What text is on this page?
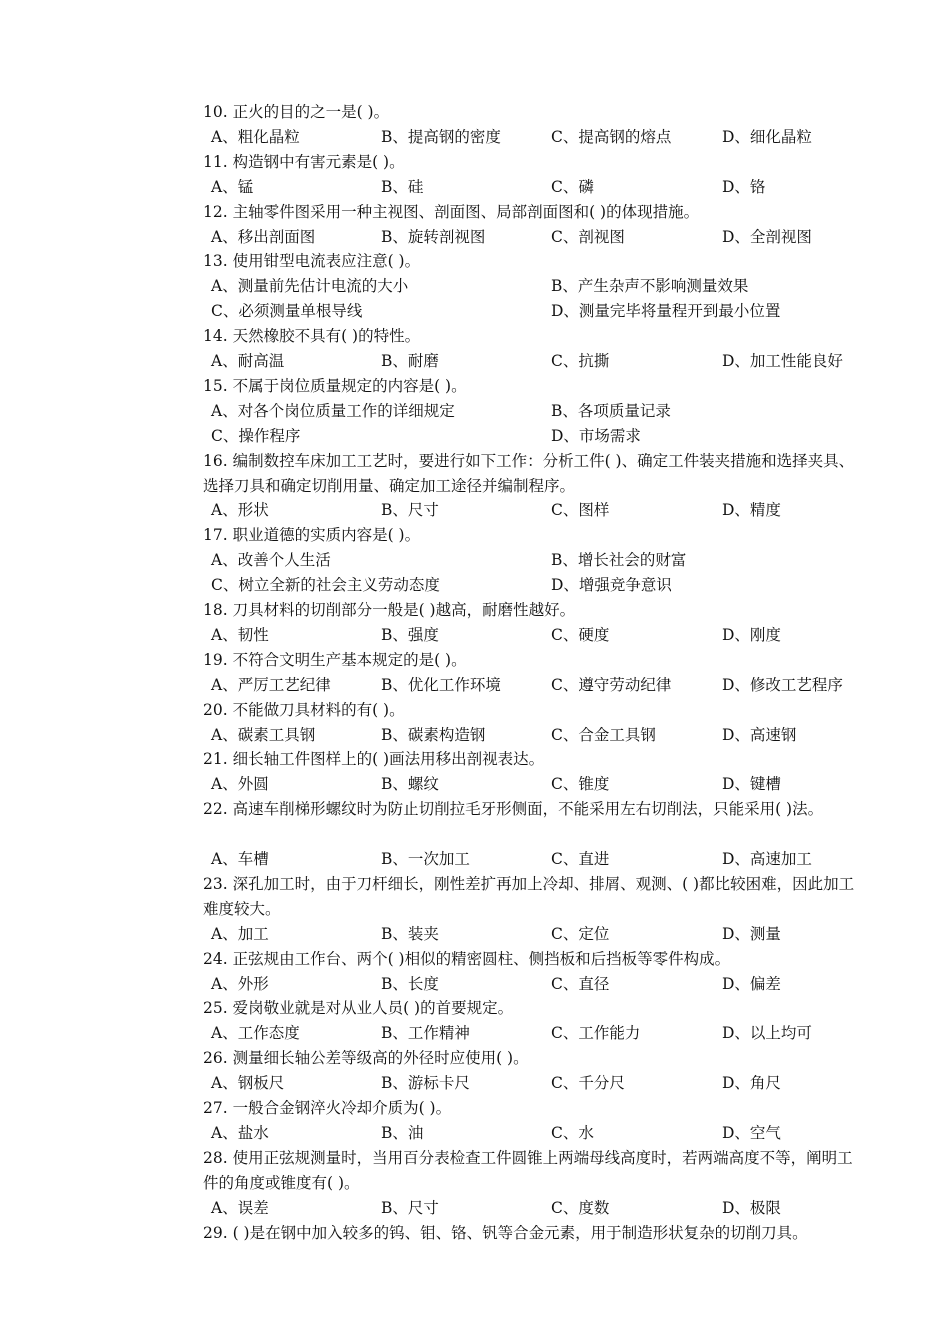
10. 正火的目的之一是( )。
A、粗化晶粒	B、提高钢的密度	C、提高钢的熔点	D、细化晶粒
11. 构造钢中有害元素是( )。
A、锰	B、硅	C、磷	D、铬
12. 主轴零件图采用一种主视图、剖面图、局部剖面图和( )的体现措施。
A、移出剖面图	B、旋转剖视图	C、剖视图	D、全剖视图
13. 使用钳型电流表应注意( )。
A、测量前先估计电流的大小	B、产生杂声不影响测量效果
C、必须测量单根导线	D、测量完毕将量程开到最小位置
14. 天然橡胶不具有( )的特性。
A、耐高温	B、耐磨	C、抗撕	D、加工性能良好
15. 不属于岗位质量规定的内容是( )。
A、对各个岗位质量工作的详细规定	B、各项质量记录
C、操作程序	D、市场需求
16. 编制数控车床加工工艺时，要进行如下工作：分析工件( )、确定工件装夹措施和选择夹具、选择刀具和确定切削用量、确定加工途径并编制程序。
A、形状	B、尺寸	C、图样	D、精度
17. 职业道德的实质内容是( )。
A、改善个人生活	B、增长社会的财富
C、树立全新的社会主义劳动态度	D、增强竞争意识
18. 刀具材料的切削部分一般是( )越高，耐磨性越好。
A、韧性	B、强度	C、硬度	D、刚度
19. 不符合文明生产基本规定的是( )。
A、严厉工艺纪律	B、优化工作环境	C、遵守劳动纪律	D、修改工艺程序
20. 不能做刀具材料的有( )。
A、碳素工具钢	B、碳素构造钢	C、合金工具钢	D、高速钢
21. 细长轴工件图样上的( )画法用移出剖视表达。
A、外圆	B、螺纹	C、锥度	D、键槽
22. 高速车削梯形螺纹时为防止切削拉毛牙形侧面，不能采用左右切削法，只能采用( )法。
A、车槽	B、一次加工	C、直进	D、高速加工
23. 深孔加工时，由于刀杆细长，刚性差扩再加上冷却、排屑、观测、( )都比较困难，因此加工难度较大。
A、加工	B、装夹	C、定位	D、测量
24. 正弦规由工作台、两个( )相似的精密圆柱、侧挡板和后挡板等零件构成。
A、外形	B、长度	C、直径	D、偏差
25. 爱岗敬业就是对从业人员( )的首要规定。
A、工作态度	B、工作精神	C、工作能力	D、以上均可
26. 测量细长轴公差等级高的外径时应使用( )。
A、钢板尺	B、游标卡尺	C、千分尺	D、角尺
27. 一般合金钢淬火冷却介质为( )。
A、盐水	B、油	C、水	D、空气
28. 使用正弦规测量时，当用百分表检查工件圆锥上两端母线高度时，若两端高度不等，阐明工件的角度或锥度有( )。
A、误差	B、尺寸	C、度数	D、极限
29. ( )是在钢中加入较多的钨、钼、铬、钒等合金元素，用于制造形状复杂的切削刀具。
